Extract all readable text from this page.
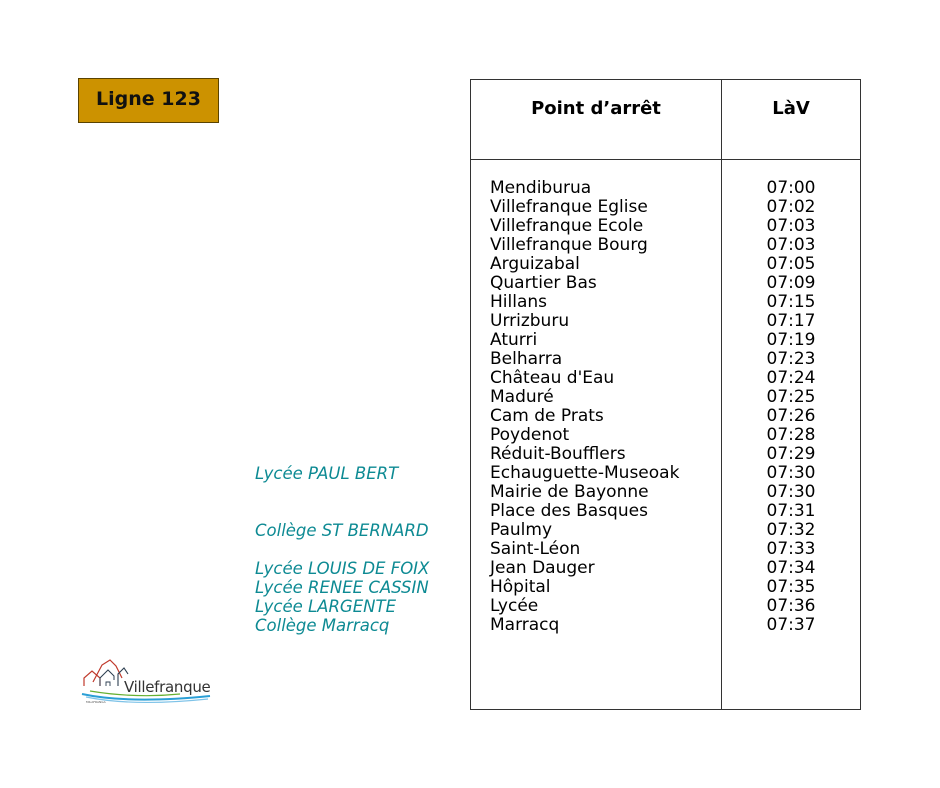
Ligne 123	Point d’arrêt	LàV
Mendiburua	07:00
Villefranque Eglise	07:02
Villefranque Ecole	07:03
Villefranque Bourg	07:03
Arguizabal	07:05
Quartier Bas	07:09
Hillans	07:15
Urrizburu	07:17
Aturri	07:19
Belharra	07:23
Château d'Eau	07:24
Maduré	07:25
Cam de Prats	07:26
Poydenot	07:28
Réduit-Boufflers	07:29
Lycée PAUL BERT	Echauguette-Museoak	07:30
Mairie de Bayonne	07:30
Place des Basques	07:31
Collège ST BERNARD	Paulmy	07:32
Saint-Léon	07:33
Lycée LOUIS DE FOIX	Jean Dauger	07:34
Lycée RENEE CASSIN	Hôpital	07:35
Lycée LARGENTE	Lycée	07:36
Collège Marracq	Marracq	07:37
Villefranque
MILAFRANGA
